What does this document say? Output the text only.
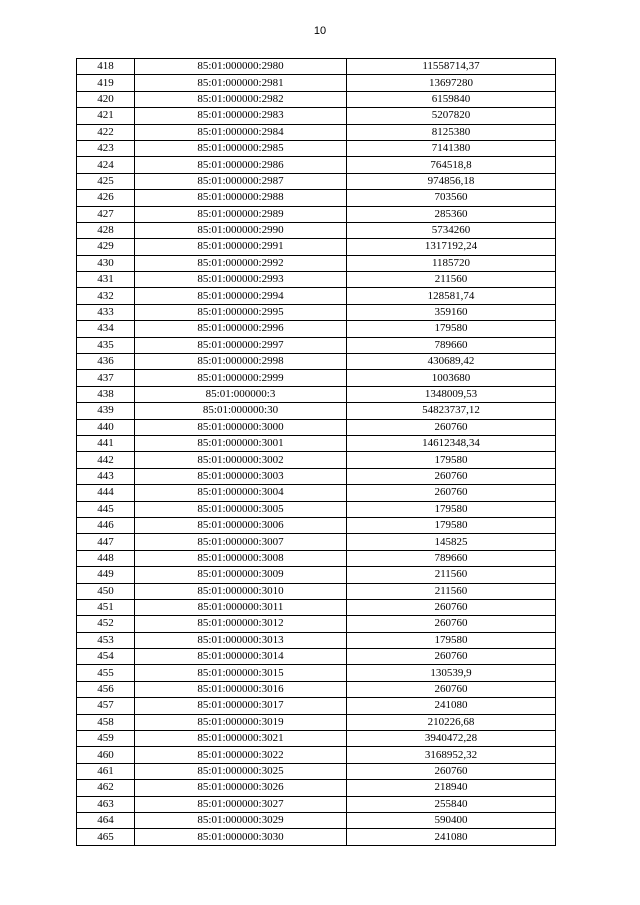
10
418	85:01:000000:2980	11558714,37
419	85:01:000000:2981	13697280
420	85:01:000000:2982	6159840
421	85:01:000000:2983	5207820
422	85:01:000000:2984	8125380
423	85:01:000000:2985	7141380
424	85:01:000000:2986	764518,8
425	85:01:000000:2987	974856,18
426	85:01:000000:2988	703560
427	85:01:000000:2989	285360
428	85:01:000000:2990	5734260
429	85:01:000000:2991	1317192,24
430	85:01:000000:2992	1185720
431	85:01:000000:2993	211560
432	85:01:000000:2994	128581,74
433	85:01:000000:2995	359160
434	85:01:000000:2996	179580
435	85:01:000000:2997	789660
436	85:01:000000:2998	430689,42
437	85:01:000000:2999	1003680
438	85:01:000000:3	1348009,53
439	85:01:000000:30	54823737,12
440	85:01:000000:3000	260760
441	85:01:000000:3001	14612348,34
442	85:01:000000:3002	179580
443	85:01:000000:3003	260760
444	85:01:000000:3004	260760
445	85:01:000000:3005	179580
446	85:01:000000:3006	179580
447	85:01:000000:3007	145825
448	85:01:000000:3008	789660
449	85:01:000000:3009	211560
450	85:01:000000:3010	211560
451	85:01:000000:3011	260760
452	85:01:000000:3012	260760
453	85:01:000000:3013	179580
454	85:01:000000:3014	260760
455	85:01:000000:3015	130539,9
456	85:01:000000:3016	260760
457	85:01:000000:3017	241080
458	85:01:000000:3019	210226,68
459	85:01:000000:3021	3940472,28
460	85:01:000000:3022	3168952,32
461	85:01:000000:3025	260760
462	85:01:000000:3026	218940
463	85:01:000000:3027	255840
464	85:01:000000:3029	590400
465	85:01:000000:3030	241080
